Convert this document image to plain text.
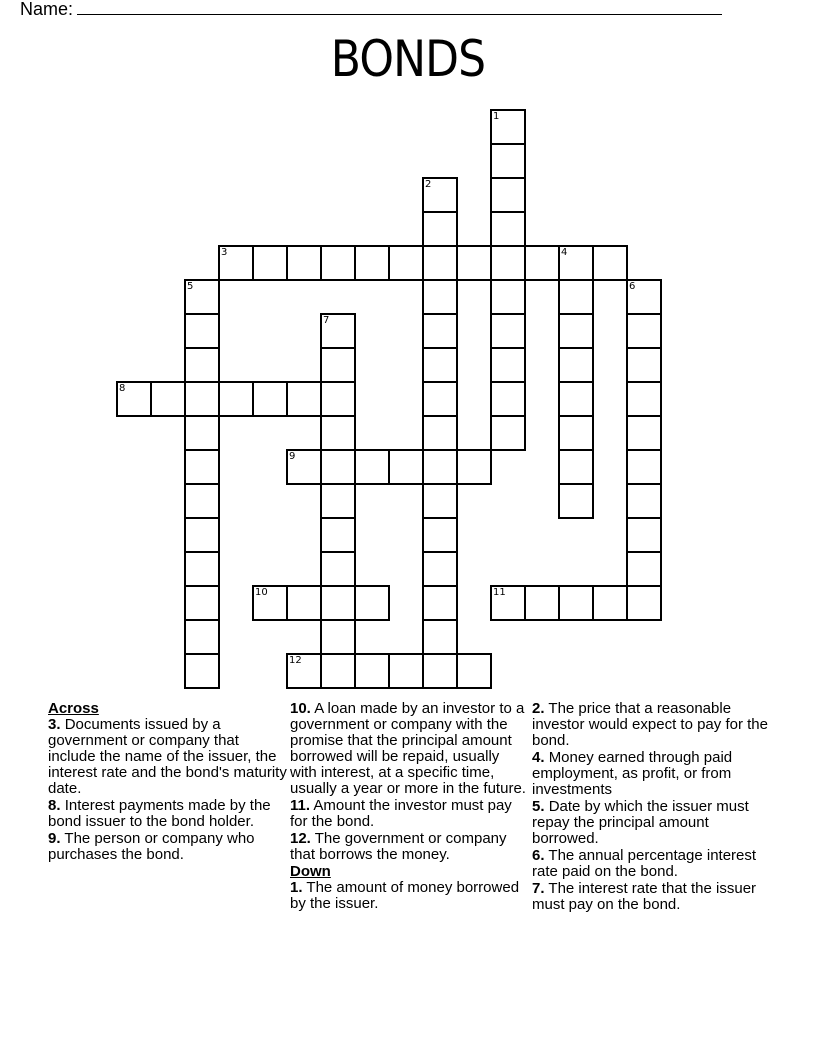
Name:
BONDS
1
2
3	4
5	6
7
8
9
10	11
12
Across
3. Documents issued by a government or company that include the name of the issuer, the interest rate and the bond's maturity date.
8. Interest payments made by the bond issuer to the bond holder.
9. The person or company who purchases the bond.
10. A loan made by an investor to a government or company with the promise that the principal amount borrowed will be repaid, usually with interest, at a specific time, usually a year or more in the future.
11. Amount the investor must pay for the bond.
12. The government or company that borrows the money.
Down
1. The amount of money borrowed by the issuer.
2. The price that a reasonable investor would expect to pay for the bond.
4. Money earned through paid employment, as profit, or from investments
5. Date by which the issuer must repay the principal amount borrowed.
6. The annual percentage interest rate paid on the bond.
7. The interest rate that the issuer must pay on the bond.
